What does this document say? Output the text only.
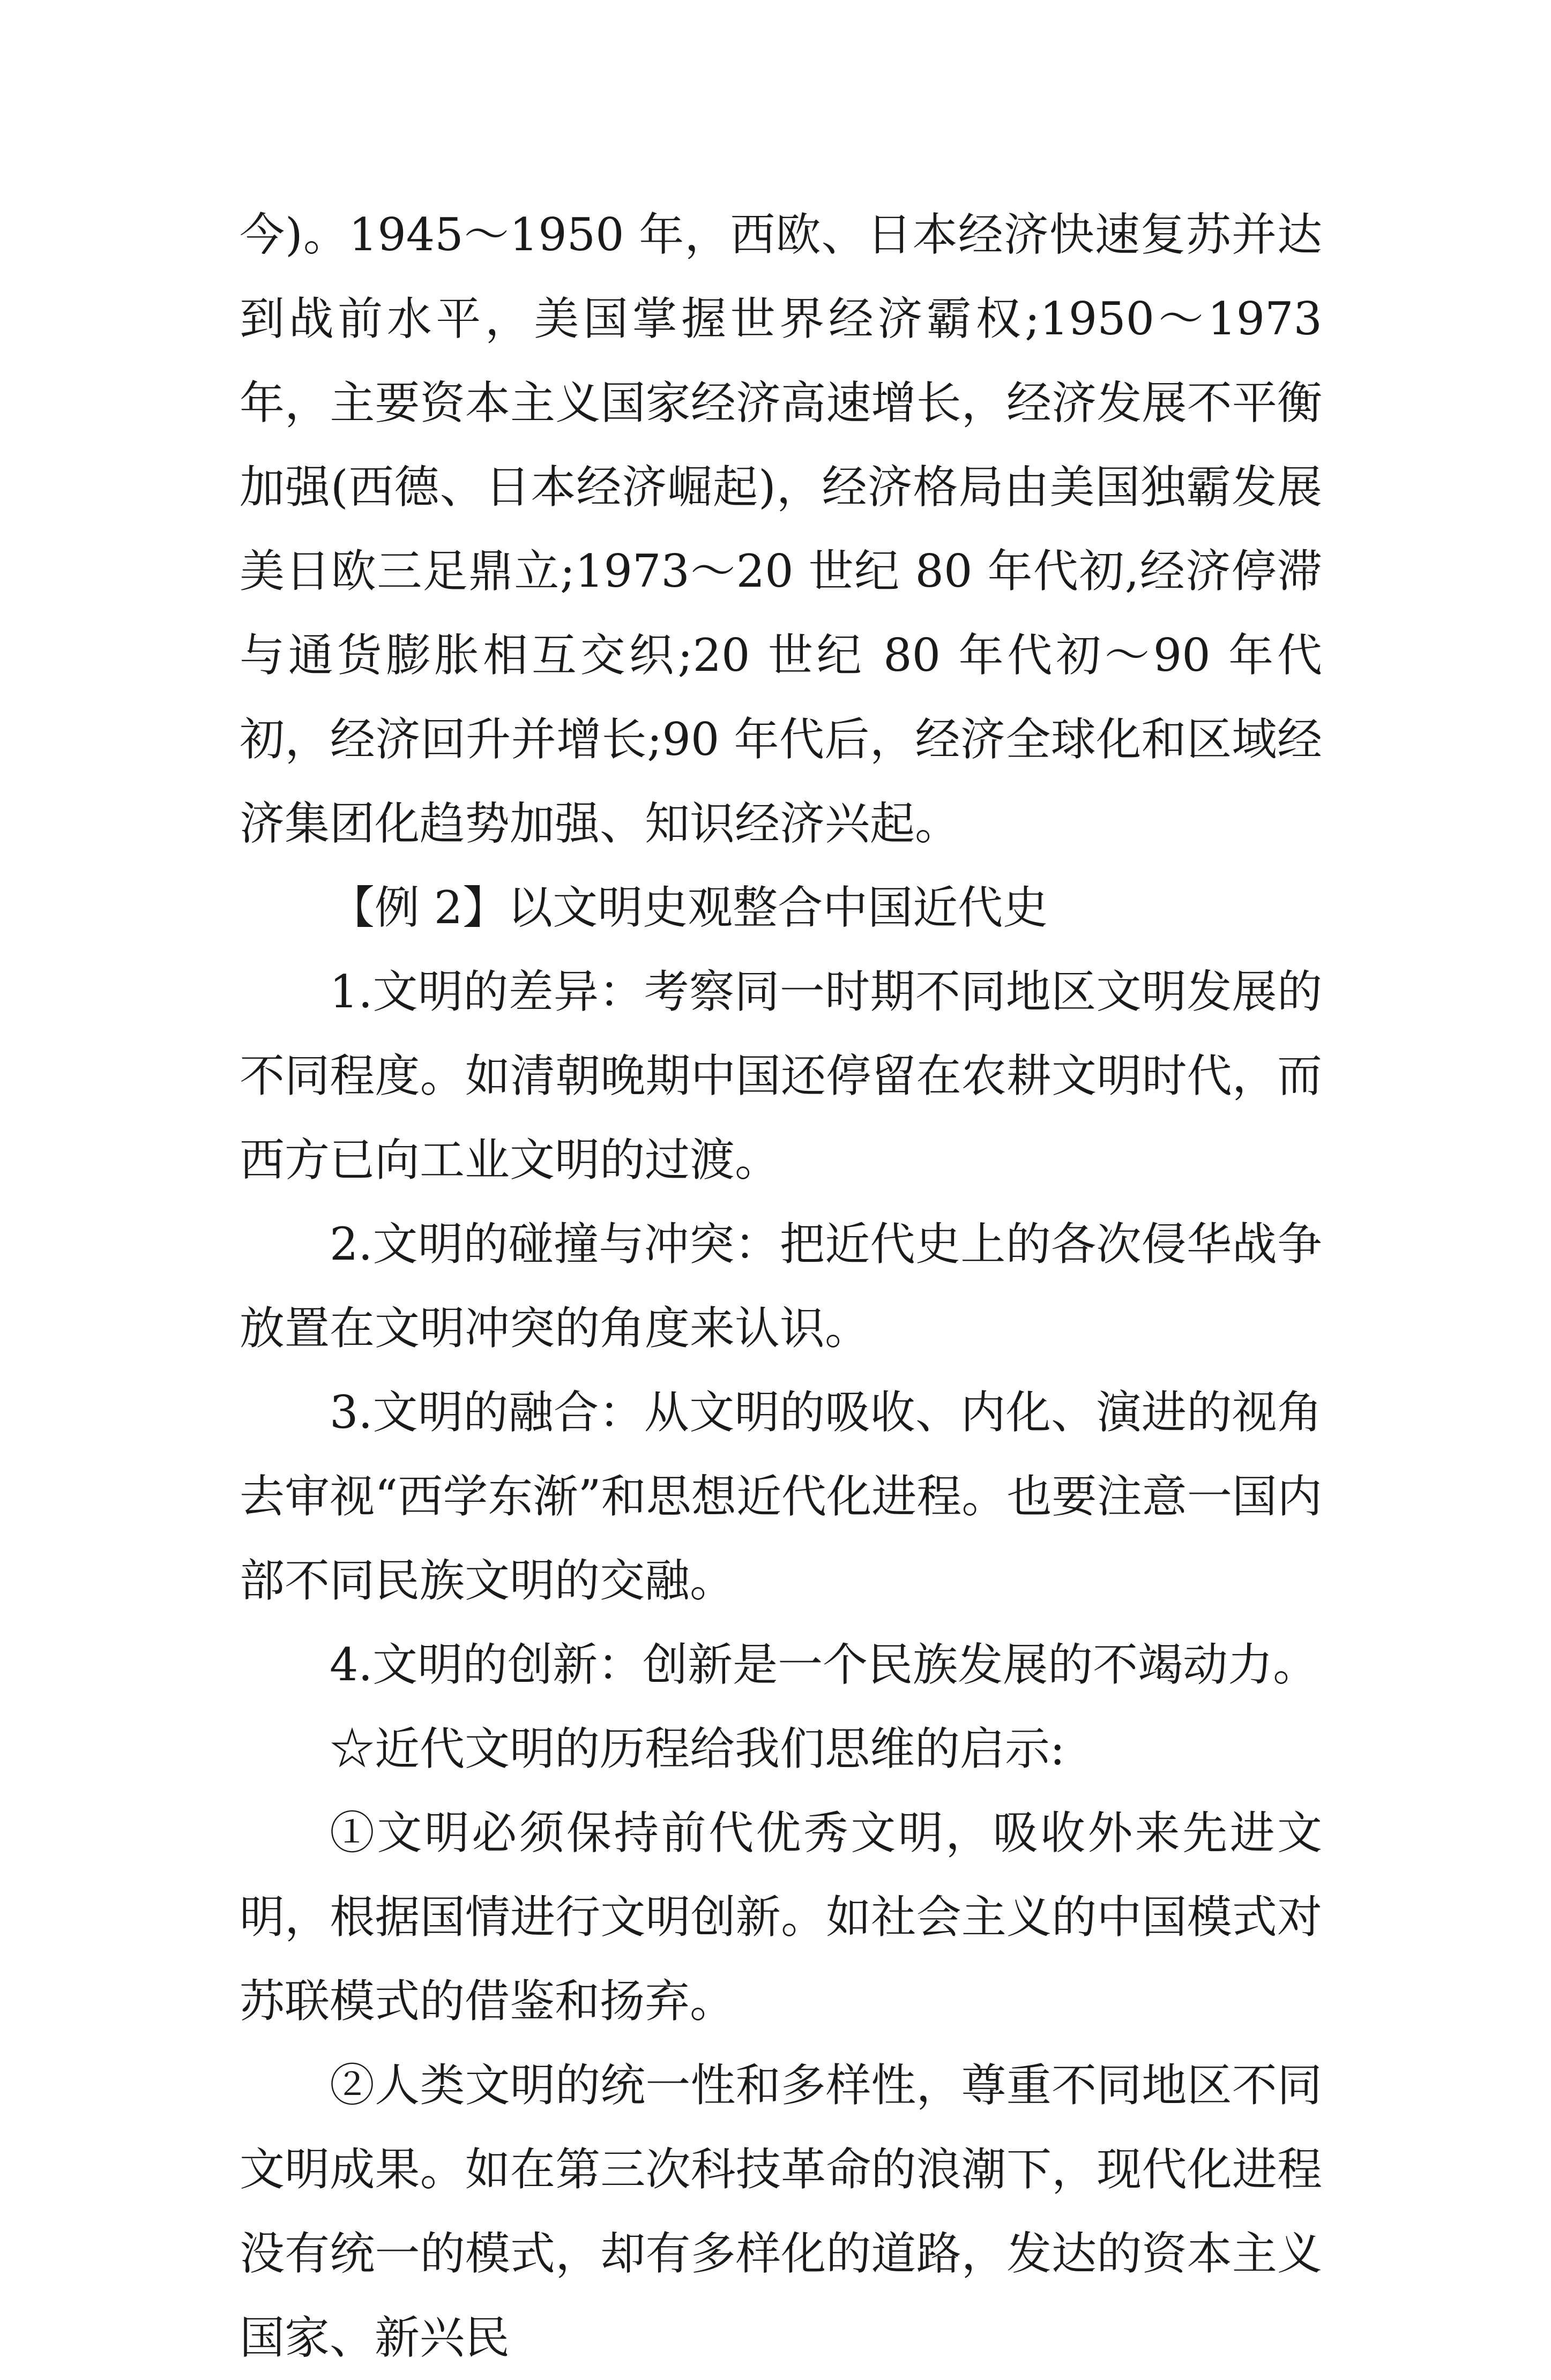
今)。1945～1950 年，西欧、日本经济快速复苏并达到战前水平，美国掌握世界经济霸权;1950～1973 年，主要资本主义国家经济高速增长，经济发展不平衡加强(西德、日本经济崛起)，经济格局由美国独霸发展美日欧三足鼎立;1973～20 世纪 80 年代初,经济停滞与通货膨胀相互交织;20 世纪 80 年代初～90 年代初，经济回升并增长;90 年代后，经济全球化和区域经济集团化趋势加强、知识经济兴起。

【例 2】以文明史观整合中国近代史

1.文明的差异：考察同一时期不同地区文明发展的不同程度。如清朝晚期中国还停留在农耕文明时代，而西方已向工业文明的过渡。

2.文明的碰撞与冲突：把近代史上的各次侵华战争放置在文明冲突的角度来认识。

3.文明的融合：从文明的吸收、内化、演进的视角去审视“西学东渐”和思想近代化进程。也要注意一国内部不同民族文明的交融。

4.文明的创新：创新是一个民族发展的不竭动力。

☆近代文明的历程给我们思维的启示:

①文明必须保持前代优秀文明，吸收外来先进文明，根据国情进行文明创新。如社会主义的中国模式对苏联模式的借鉴和扬弃。

②人类文明的统一性和多样性，尊重不同地区不同文明成果。如在第三次科技革命的浪潮下，现代化进程没有统一的模式，却有多样化的道路，发达的资本主义国家、新兴民
